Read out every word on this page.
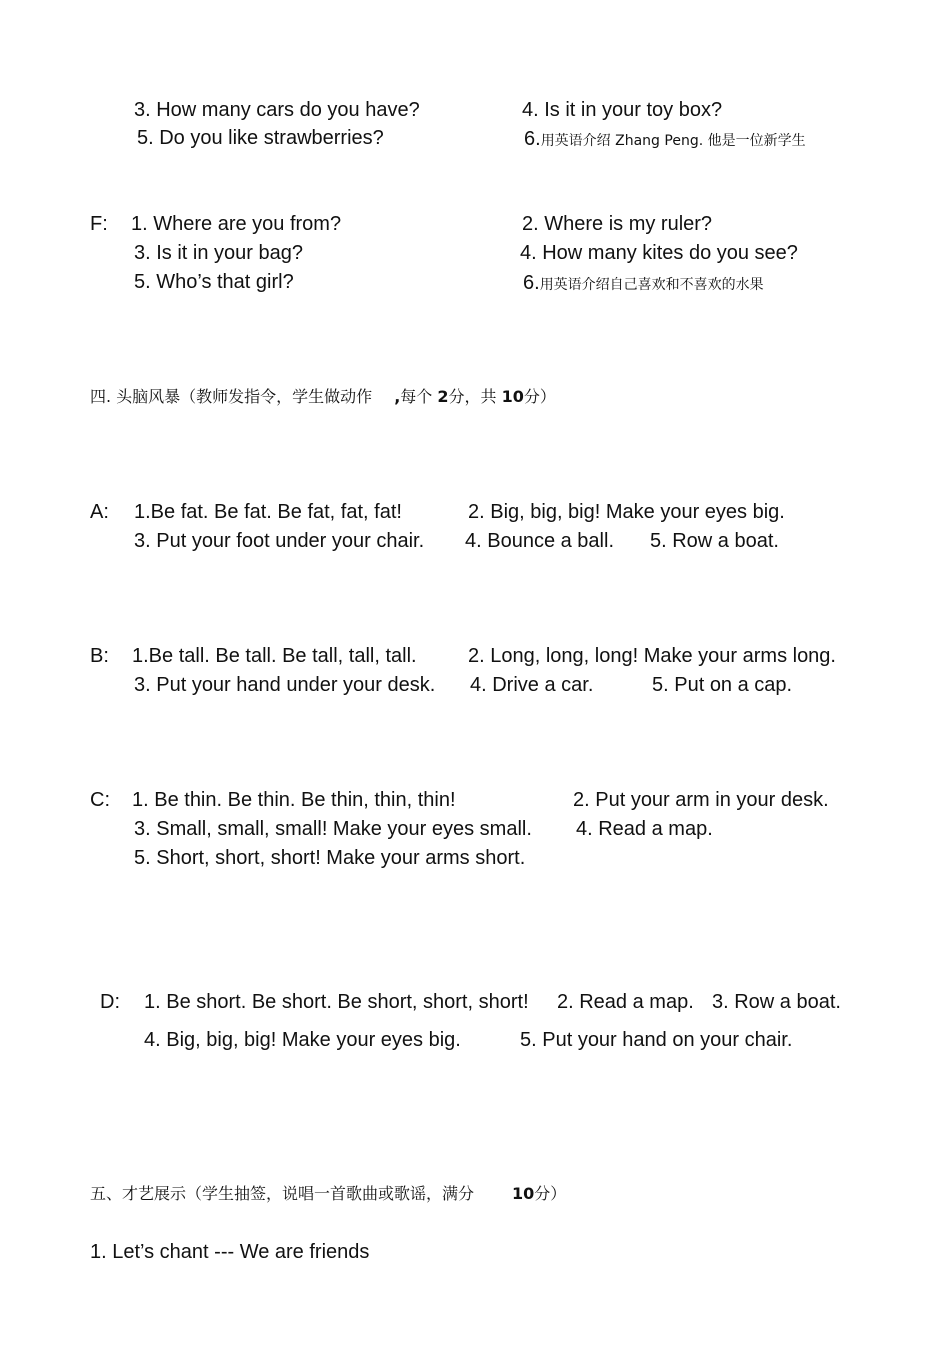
3. How many cars do you have?	4. Is it in your toy box?
5. Do you like strawberries?	6.用英语介绍 Zhang Peng. 他是一位新学生
F: 1. Where are you from?	2. Where is my ruler?
3. Is it in your bag?	4. How many kites do you see?
5. Who’s that girl?	6.用英语介绍自己喜欢和不喜欢的水果
四. 头脑风暴（教师发指令，学生做动作 ,每个 2分，共 10分）
A: 1.Be fat. Be fat. Be fat, fat, fat!	2. Big, big, big! Make your eyes big.
3. Put your foot under your chair. 4. Bounce a ball. 5. Row a boat.
B: 1.Be tall. Be tall. Be tall, tall, tall.	2. Long, long, long! Make your arms long.
3. Put your hand under your desk. 4. Drive a car.	5. Put on a cap.
C: 1. Be thin. Be thin. Be thin, thin, thin!	2. Put your arm in your desk.
3. Small, small, small! Make your eyes small. 4. Read a map.
5. Short, short, short! Make your arms short.
D: 1. Be short. Be short. Be short, short, short! 2. Read a map. 3. Row a boat.
4. Big, big, big! Make your eyes big.	5. Put your hand on your chair.
五、才艺展示（学生抽签，说唱一首歌曲或歌谣，满分 10分）
1. Let’s chant --- We are friends
